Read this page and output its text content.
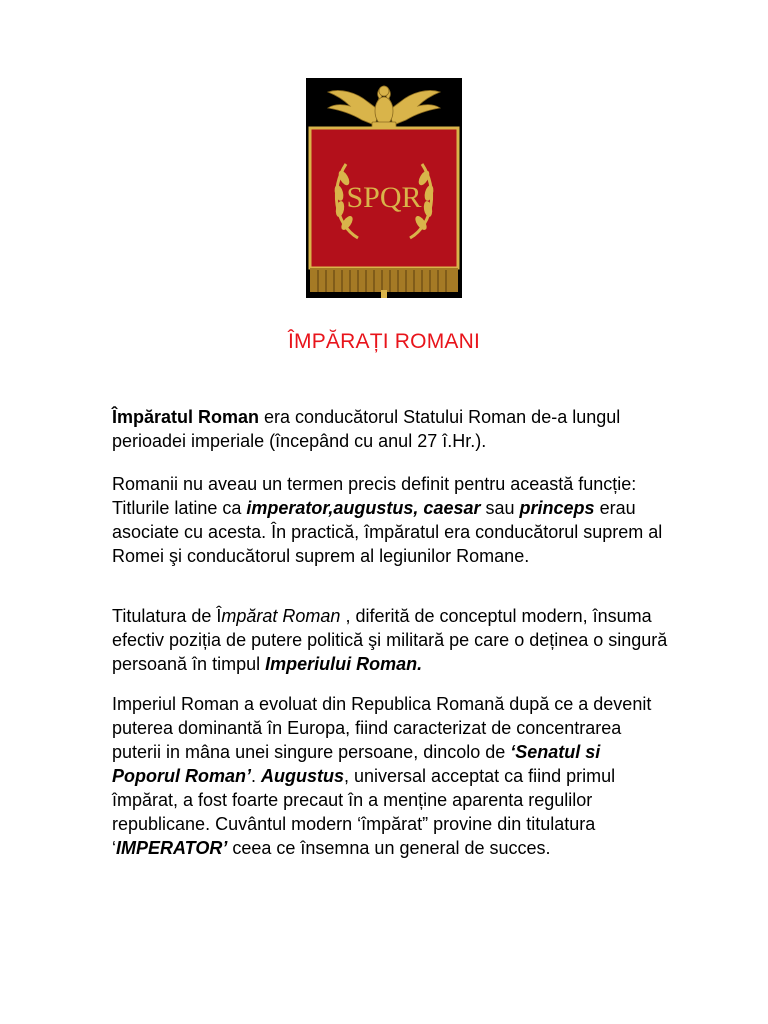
SPQR
ÎMPĂRAȚI ROMANI

Împăratul Roman era conducătorul Statului Roman de-a lungul perioadei imperiale (începând cu anul 27 î.Hr.).

Romanii nu aveau un termen precis definit pentru această funcție: Titlurile latine ca imperator,augustus, caesar sau princeps erau asociate cu acesta. În practică, împăratul era conducătorul suprem al Romei şi conducătorul suprem al legiunilor Romane.

Titulatura de Împărat Roman , diferită de conceptul modern, însuma efectiv poziția de putere politică şi militară pe care o deținea o singură persoană în timpul Imperiului Roman.

Imperiul Roman a evoluat din Republica Romană după ce a devenit puterea dominantă în Europa, fiind caracterizat de concentrarea puterii in mâna unei singure persoane, dincolo de ‘Senatul si Poporul Roman’. Augustus, universal acceptat ca fiind primul împărat, a fost foarte precaut în a menține aparenta regulilor republicane. Cuvântul modern ‘împărat” provine din titulatura ‘IMPERATOR’ ceea ce însemna un general de succes.
